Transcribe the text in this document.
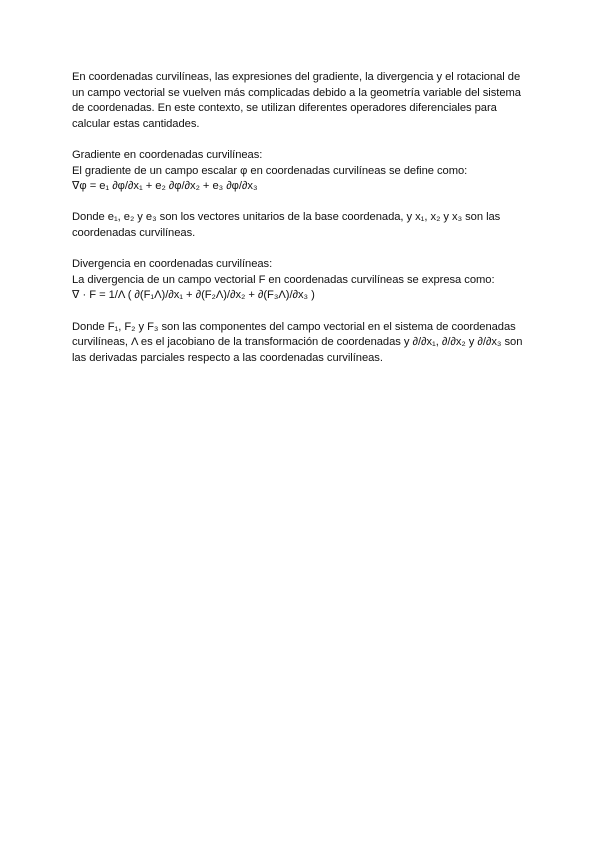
En coordenadas curvilíneas, las expresiones del gradiente, la divergencia y el rotacional de
un campo vectorial se vuelven más complicadas debido a la geometría variable del sistema
de coordenadas. En este contexto, se utilizan diferentes operadores diferenciales para
calcular estas cantidades.

Gradiente en coordenadas curvilíneas:

El gradiente de un campo escalar φ en coordenadas curvilíneas se define como:

∇φ = e₁ ∂φ/∂x₁ + e₂ ∂φ/∂x₂ + e₃ ∂φ/∂x₃

Donde e₁, e₂ y e₃ son los vectores unitarios de la base coordenada, y x₁, x₂ y x₃ son las
coordenadas curvilíneas.

Divergencia en coordenadas curvilíneas:

La divergencia de un campo vectorial F en coordenadas curvilíneas se expresa como:

∇ · F = 1/Λ ( ∂(F₁Λ)/∂x₁ + ∂(F₂Λ)/∂x₂ + ∂(F₃Λ)/∂x₃ )

Donde F₁, F₂ y F₃ son las componentes del campo vectorial en el sistema de coordenadas
curvilíneas, Λ es el jacobiano de la transformación de coordenadas y ∂/∂x₁, ∂/∂x₂ y ∂/∂x₃ son
las derivadas parciales respecto a las coordenadas curvilíneas.
